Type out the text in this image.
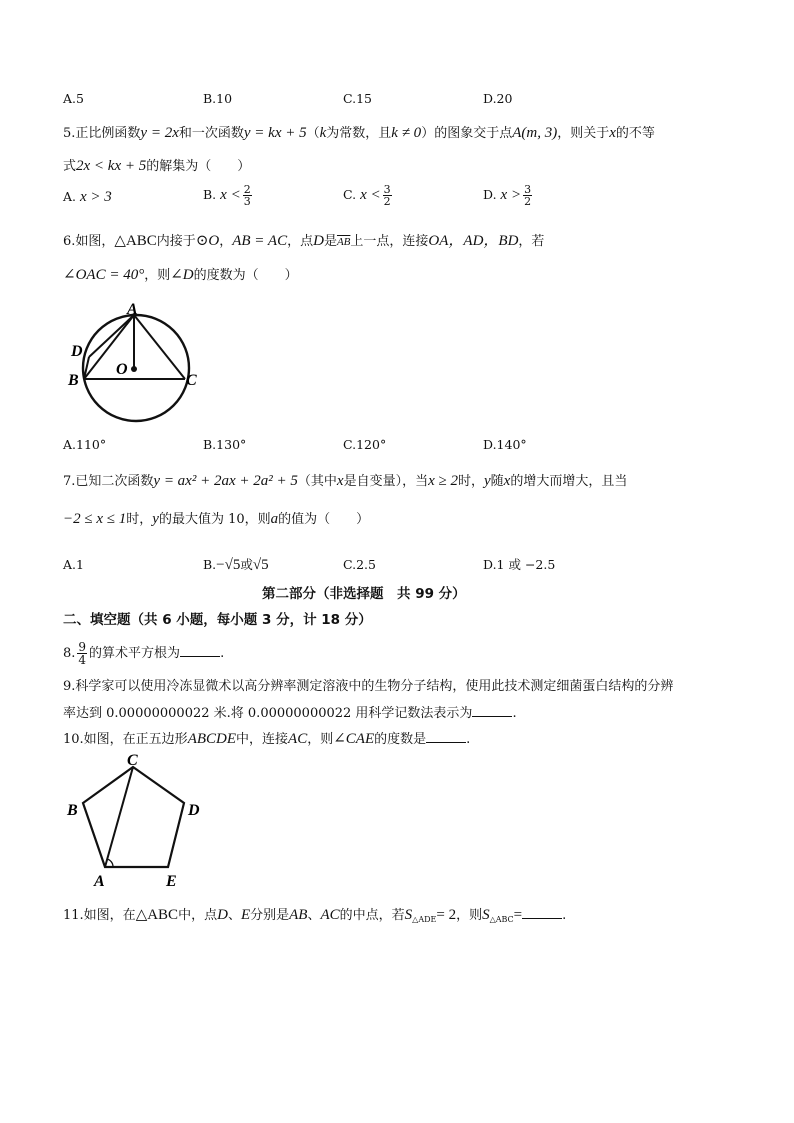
A.5	B.10	C.15	D.20
5.正比例函数y = 2x和一次函数y = kx + 5（k为常数，且k ≠ 0）的图象交于点A(m, 3)，则关于x的不等
式2x < kx + 5的解集为（　　）
A. x > 3	B. $x < \frac{2}{3}$	C. $x < \frac{3}{2}$	D. $x > \frac{3}{2}$
6.如图，△ABC内接于⊙O，AB = AC，点D是$\overline{AB}$上一点，连接OA，AD，BD，若
∠OAC = 40°，则∠D的度数为（　　）
A
D
B	C
O
A.110°	B.130°	C.120°	D.140°
7.已知二次函数y = ax² + 2ax + 2a² + 5（其中x是自变量），当x ≥ 2时，y随x的增大而增大，且当
−2 ≤ x ≤ 1时，y的最大值为 10，则a的值为（　　）
A.1	B.−√5或√5	C.2.5	D.1 或 −2.5
第二部分（非选择题　共 99 分）
二、填空题（共 6 小题，每小题 3 分，计 18 分）
8. $\frac{9}{4}$ 的算术平方根为	.
9.科学家可以使用冷冻显微术以高分辨率测定溶液中的生物分子结构，使用此技术测定细菌蛋白结构的分辨
率达到 0.00000000022 米.将 0.00000000022 用科学记数法表示为	.
10.如图，在正五边形ABCDE中，连接AC，则∠CAE的度数是	.
C
B	D
A	E
11.如图，在△ABC中，点D、E分别是AB、AC的中点，若$S_{\triangle ADE}= 2$，则$S_{\triangle ABC}=$	.
